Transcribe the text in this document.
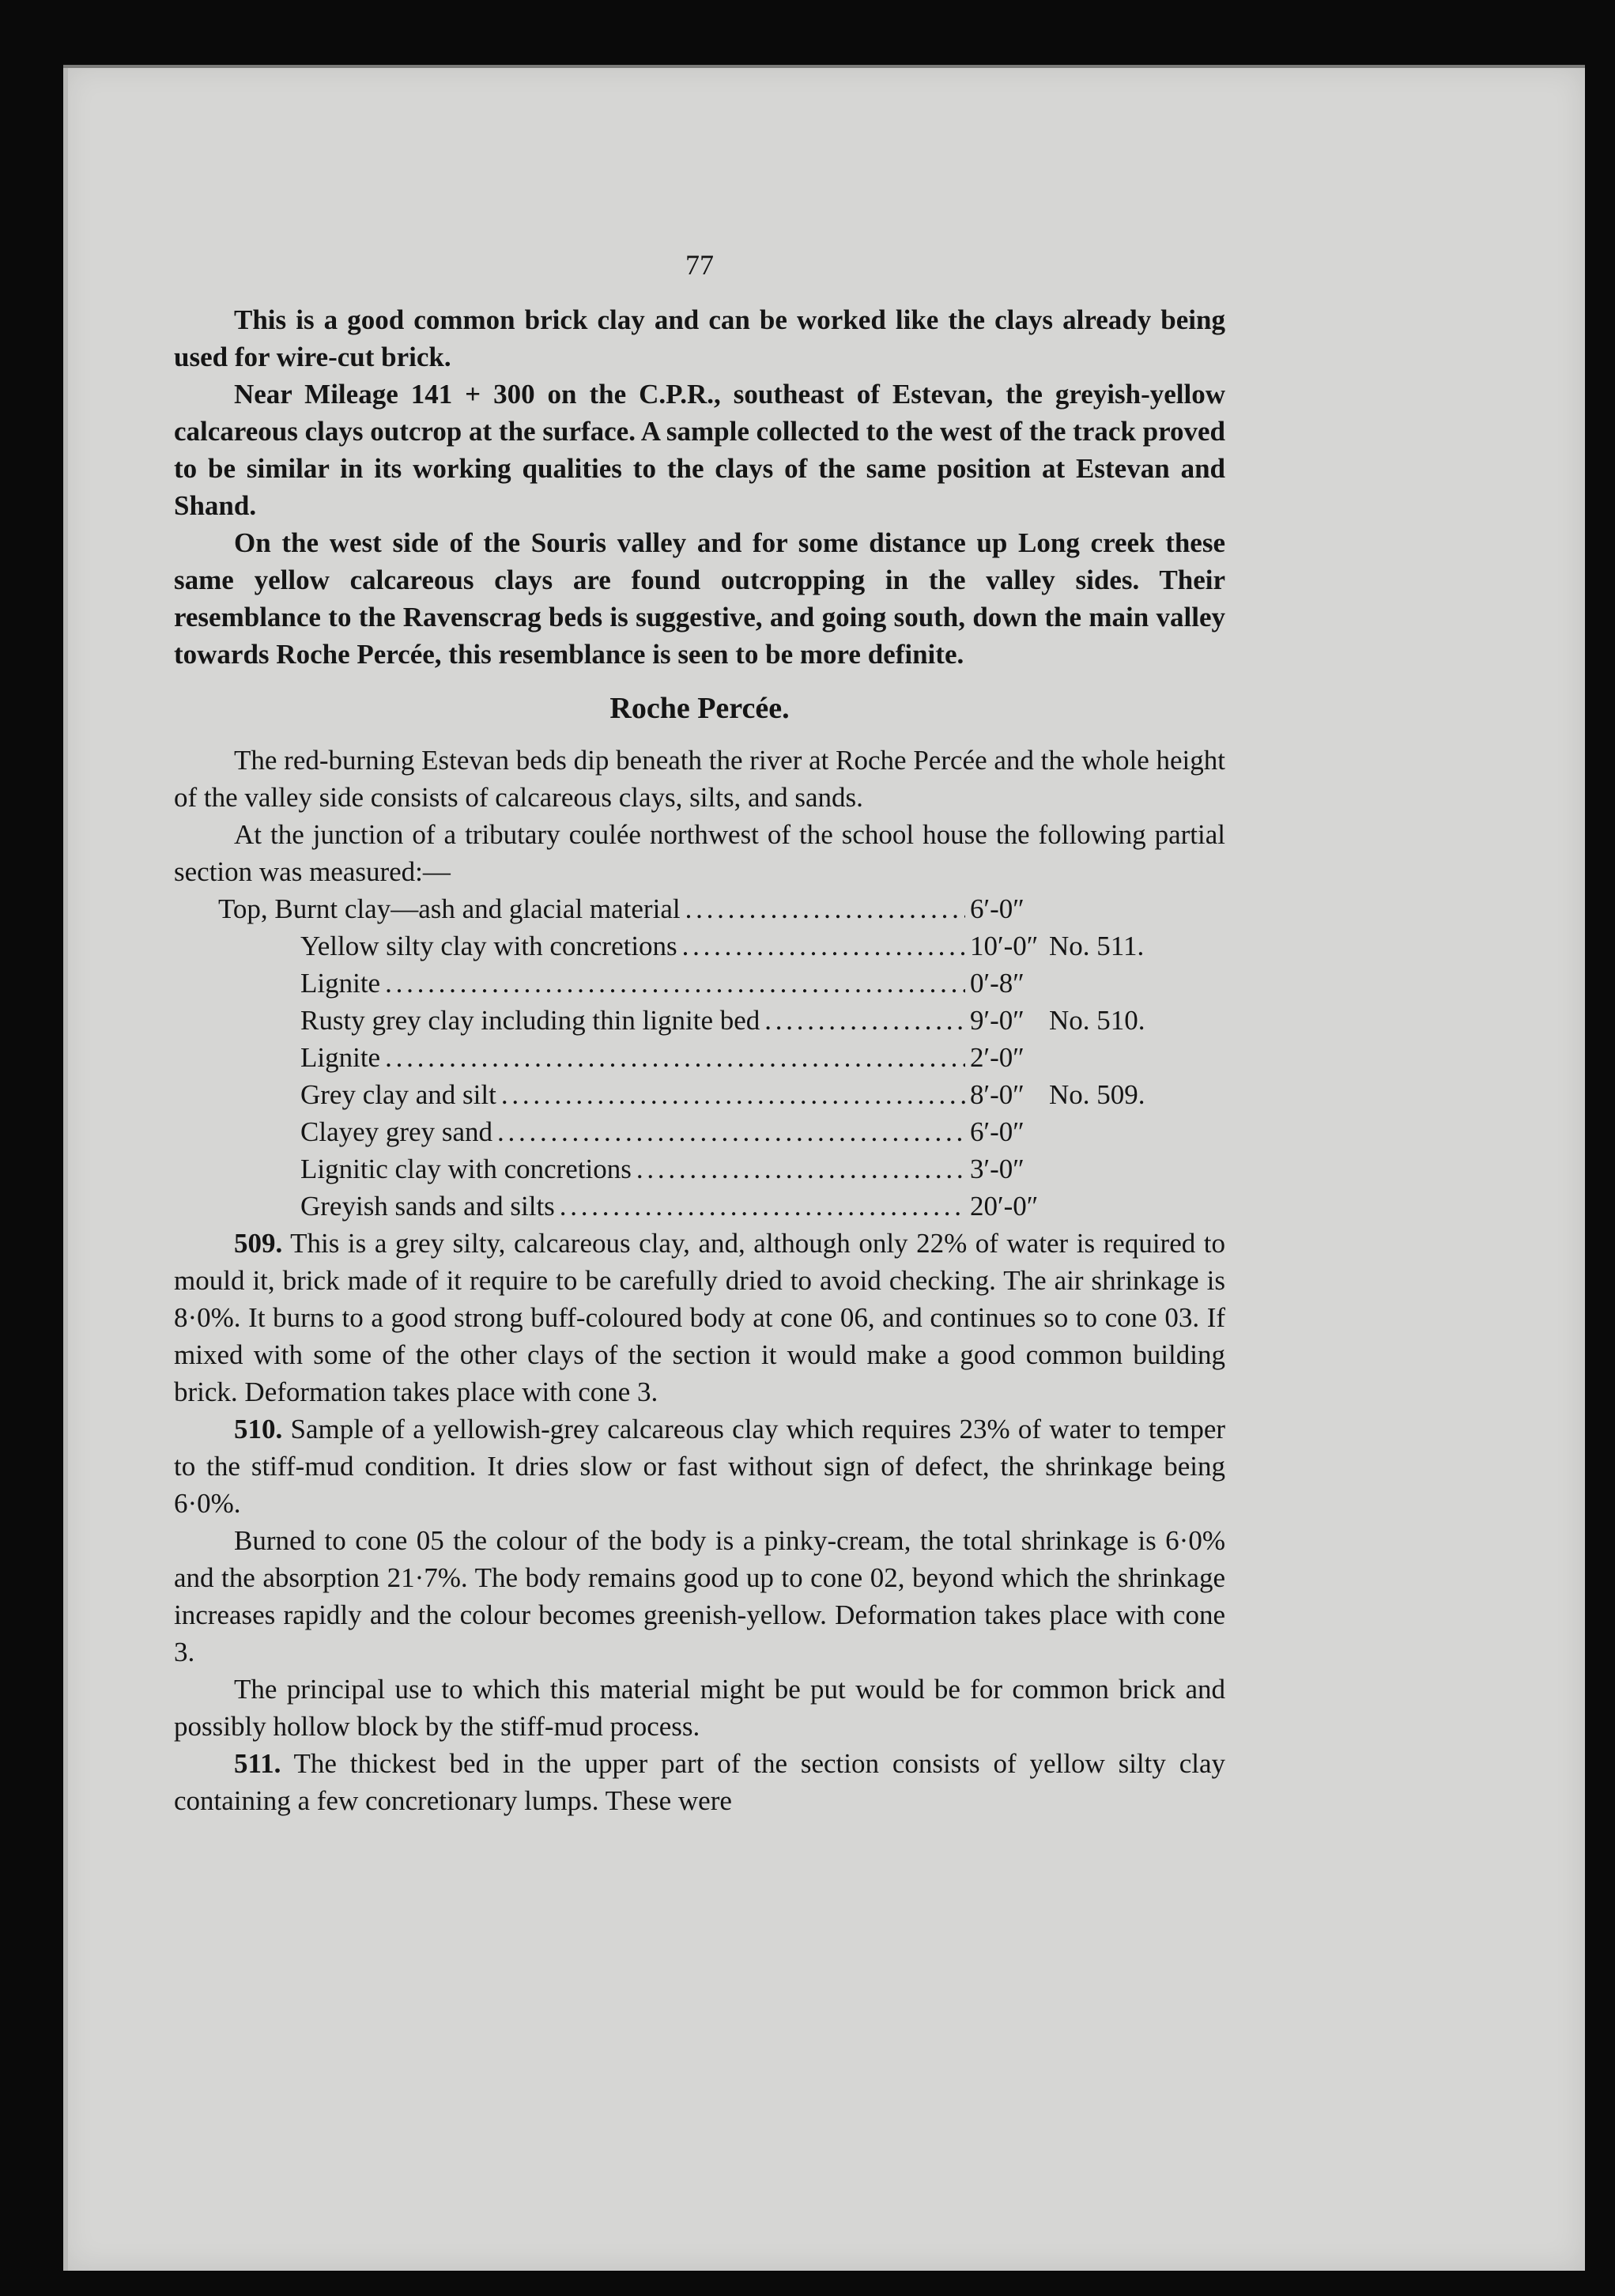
77

This is a good common brick clay and can be worked like the clays already being used for wire-cut brick.

Near Mileage 141 + 300 on the C.P.R., southeast of Estevan, the greyish-yellow calcareous clays outcrop at the surface. A sample collected to the west of the track proved to be similar in its working qualities to the clays of the same position at Estevan and Shand.

On the west side of the Souris valley and for some distance up Long creek these same yellow calcareous clays are found outcropping in the valley sides. Their resemblance to the Ravenscrag beds is suggestive, and going south, down the main valley towards Roche Percée, this resemblance is seen to be more definite.

Roche Percée.

The red-burning Estevan beds dip beneath the river at Roche Percée and the whole height of the valley side consists of calcareous clays, silts, and sands.

At the junction of a tributary coulée northwest of the school house the following partial section was measured:—

Top, Burnt clay—ash and glacial material . . .	6′-0″
Yellow silty clay with concretions . . .	10′-0″ No. 511.
Lignite . . .	0′-8″
Rusty grey clay including thin lignite bed . . .	9′-0″ No. 510.
Lignite . . .	2′-0″
Grey clay and silt . . .	8′-0″ No. 509.
Clayey grey sand . . .	6′-0″
Lignitic clay with concretions . . .	3′-0″
Greyish sands and silts . . .	20′-0″

509. This is a grey silty, calcareous clay, and, although only 22% of water is required to mould it, brick made of it require to be carefully dried to avoid checking. The air shrinkage is 8·0%. It burns to a good strong buff-coloured body at cone 06, and continues so to cone 03. If mixed with some of the other clays of the section it would make a good common building brick. Deformation takes place with cone 3.

510. Sample of a yellowish-grey calcareous clay which requires 23% of water to temper to the stiff-mud condition. It dries slow or fast without sign of defect, the shrinkage being 6·0%.

Burned to cone 05 the colour of the body is a pinky-cream, the total shrinkage is 6·0% and the absorption 21·7%. The body remains good up to cone 02, beyond which the shrinkage increases rapidly and the colour becomes greenish-yellow. Deformation takes place with cone 3.

The principal use to which this material might be put would be for common brick and possibly hollow block by the stiff-mud process.

511. The thickest bed in the upper part of the section consists of yellow silty clay containing a few concretionary lumps. These were
